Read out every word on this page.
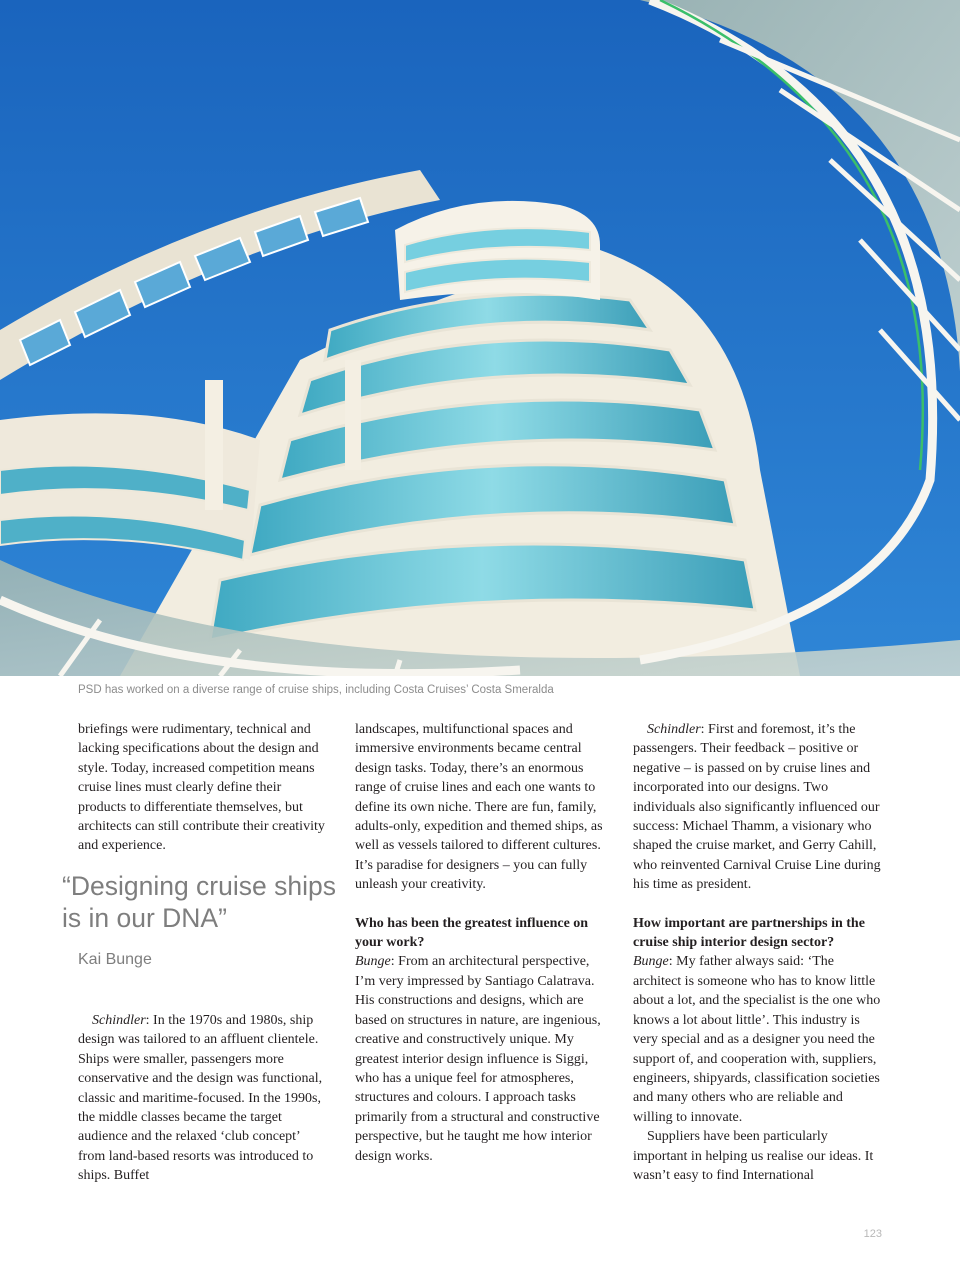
PSD has worked on a diverse range of cruise ships, including Costa Cruises’ Costa Smeralda

briefings were rudimentary, technical and lacking specifications about the design and style. Today, increased competition means cruise lines must clearly define their products to differentiate themselves, but architects can still contribute their creativity and experience.

“Designing cruise ships is in our DNA”
Kai Bunge

Schindler: In the 1970s and 1980s, ship design was tailored to an affluent clientele. Ships were smaller, passengers more conservative and the design was functional, classic and maritime-focused. In the 1990s, the middle classes became the target audience and the relaxed ‘club concept’ from land-based resorts was introduced to ships. Buffet

landscapes, multifunctional spaces and immersive environments became central design tasks. Today, there’s an enormous range of cruise lines and each one wants to define its own niche. There are fun, family, adults-only, expedition and themed ships, as well as vessels tailored to different cultures. It’s paradise for designers – you can fully unleash your creativity.

Who has been the greatest influence on your work?

Bunge: From an architectural perspective, I’m very impressed by Santiago Calatrava. His constructions and designs, which are based on structures in nature, are ingenious, creative and constructively unique. My greatest interior design influence is Siggi, who has a unique feel for atmospheres, structures and colours. I approach tasks primarily from a structural and constructive perspective, but he taught me how interior design works.

Schindler: First and foremost, it’s the passengers. Their feedback – positive or negative – is passed on by cruise lines and incorporated into our designs. Two individuals also significantly influenced our success: Michael Thamm, a visionary who shaped the cruise market, and Gerry Cahill, who reinvented Carnival Cruise Line during his time as president.

How important are partnerships in the cruise ship interior design sector?

Bunge: My father always said: ‘The architect is someone who has to know little about a lot, and the specialist is the one who knows a lot about little’. This industry is very special and as a designer you need the support of, and cooperation with, suppliers, engineers, shipyards, classification societies and many others who are reliable and willing to innovate.

Suppliers have been particularly important in helping us realise our ideas. It wasn’t easy to find International

123
